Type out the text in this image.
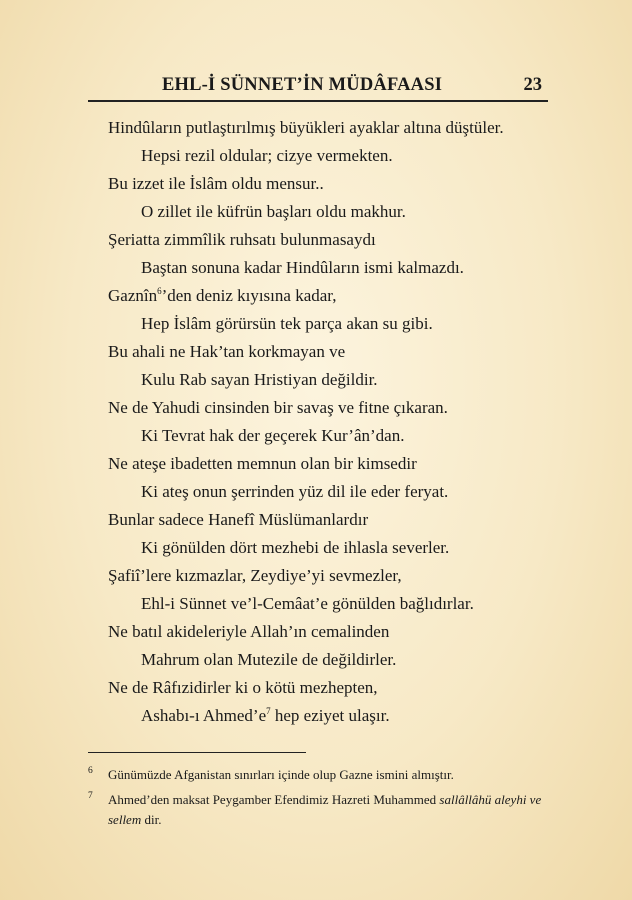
EHL-İ SÜNNET’İN MÜDÂFAASI	23
Hindûların putlaştırılmış büyükleri ayaklar altına düştüler.
Hepsi rezil oldular; cizye vermekten.
Bu izzet ile İslâm oldu mensur..
O zillet ile küfrün başları oldu makhur.
Şeriatta zimmîlik ruhsatı bulunmasaydı
Baştan sonuna kadar Hindûların ismi kalmazdı.
Gaznîn$^6$’den deniz kıyısına kadar,
Hep İslâm görürsün tek parça akan su gibi.
Bu ahali ne Hak’tan korkmayan ve
Kulu Rab sayan Hristiyan değildir.
Ne de Yahudi cinsinden bir savaş ve fitne çıkaran.
Ki Tevrat hak der geçerek Kur’ân’dan.
Ne ateşe ibadetten memnun olan bir kimsedir
Ki ateş onun şerrinden yüz dil ile eder feryat.
Bunlar sadece Hanefî Müslümanlardır
Ki gönülden dört mezhebi de ihlasla severler.
Şafiî’lere kızmazlar, Zeydiye’yi sevmezler,
Ehl-i Sünnet ve’l-Cemâat’e gönülden bağlıdırlar.
Ne batıl akideleriyle Allah’ın cemalinden
Mahrum olan Mutezile de değildirler.
Ne de Râfızidirler ki o kötü mezhepten,
Ashabı-ı Ahmed’e$^7$ hep eziyet ulaşır.
6 Günümüzde Afganistan sınırları içinde olup Gazne ismini almıştır.
7 Ahmed’den maksat Peygamber Efendimiz Hazreti Muhammed sallâllâhü aleyhi ve sellem dir.
